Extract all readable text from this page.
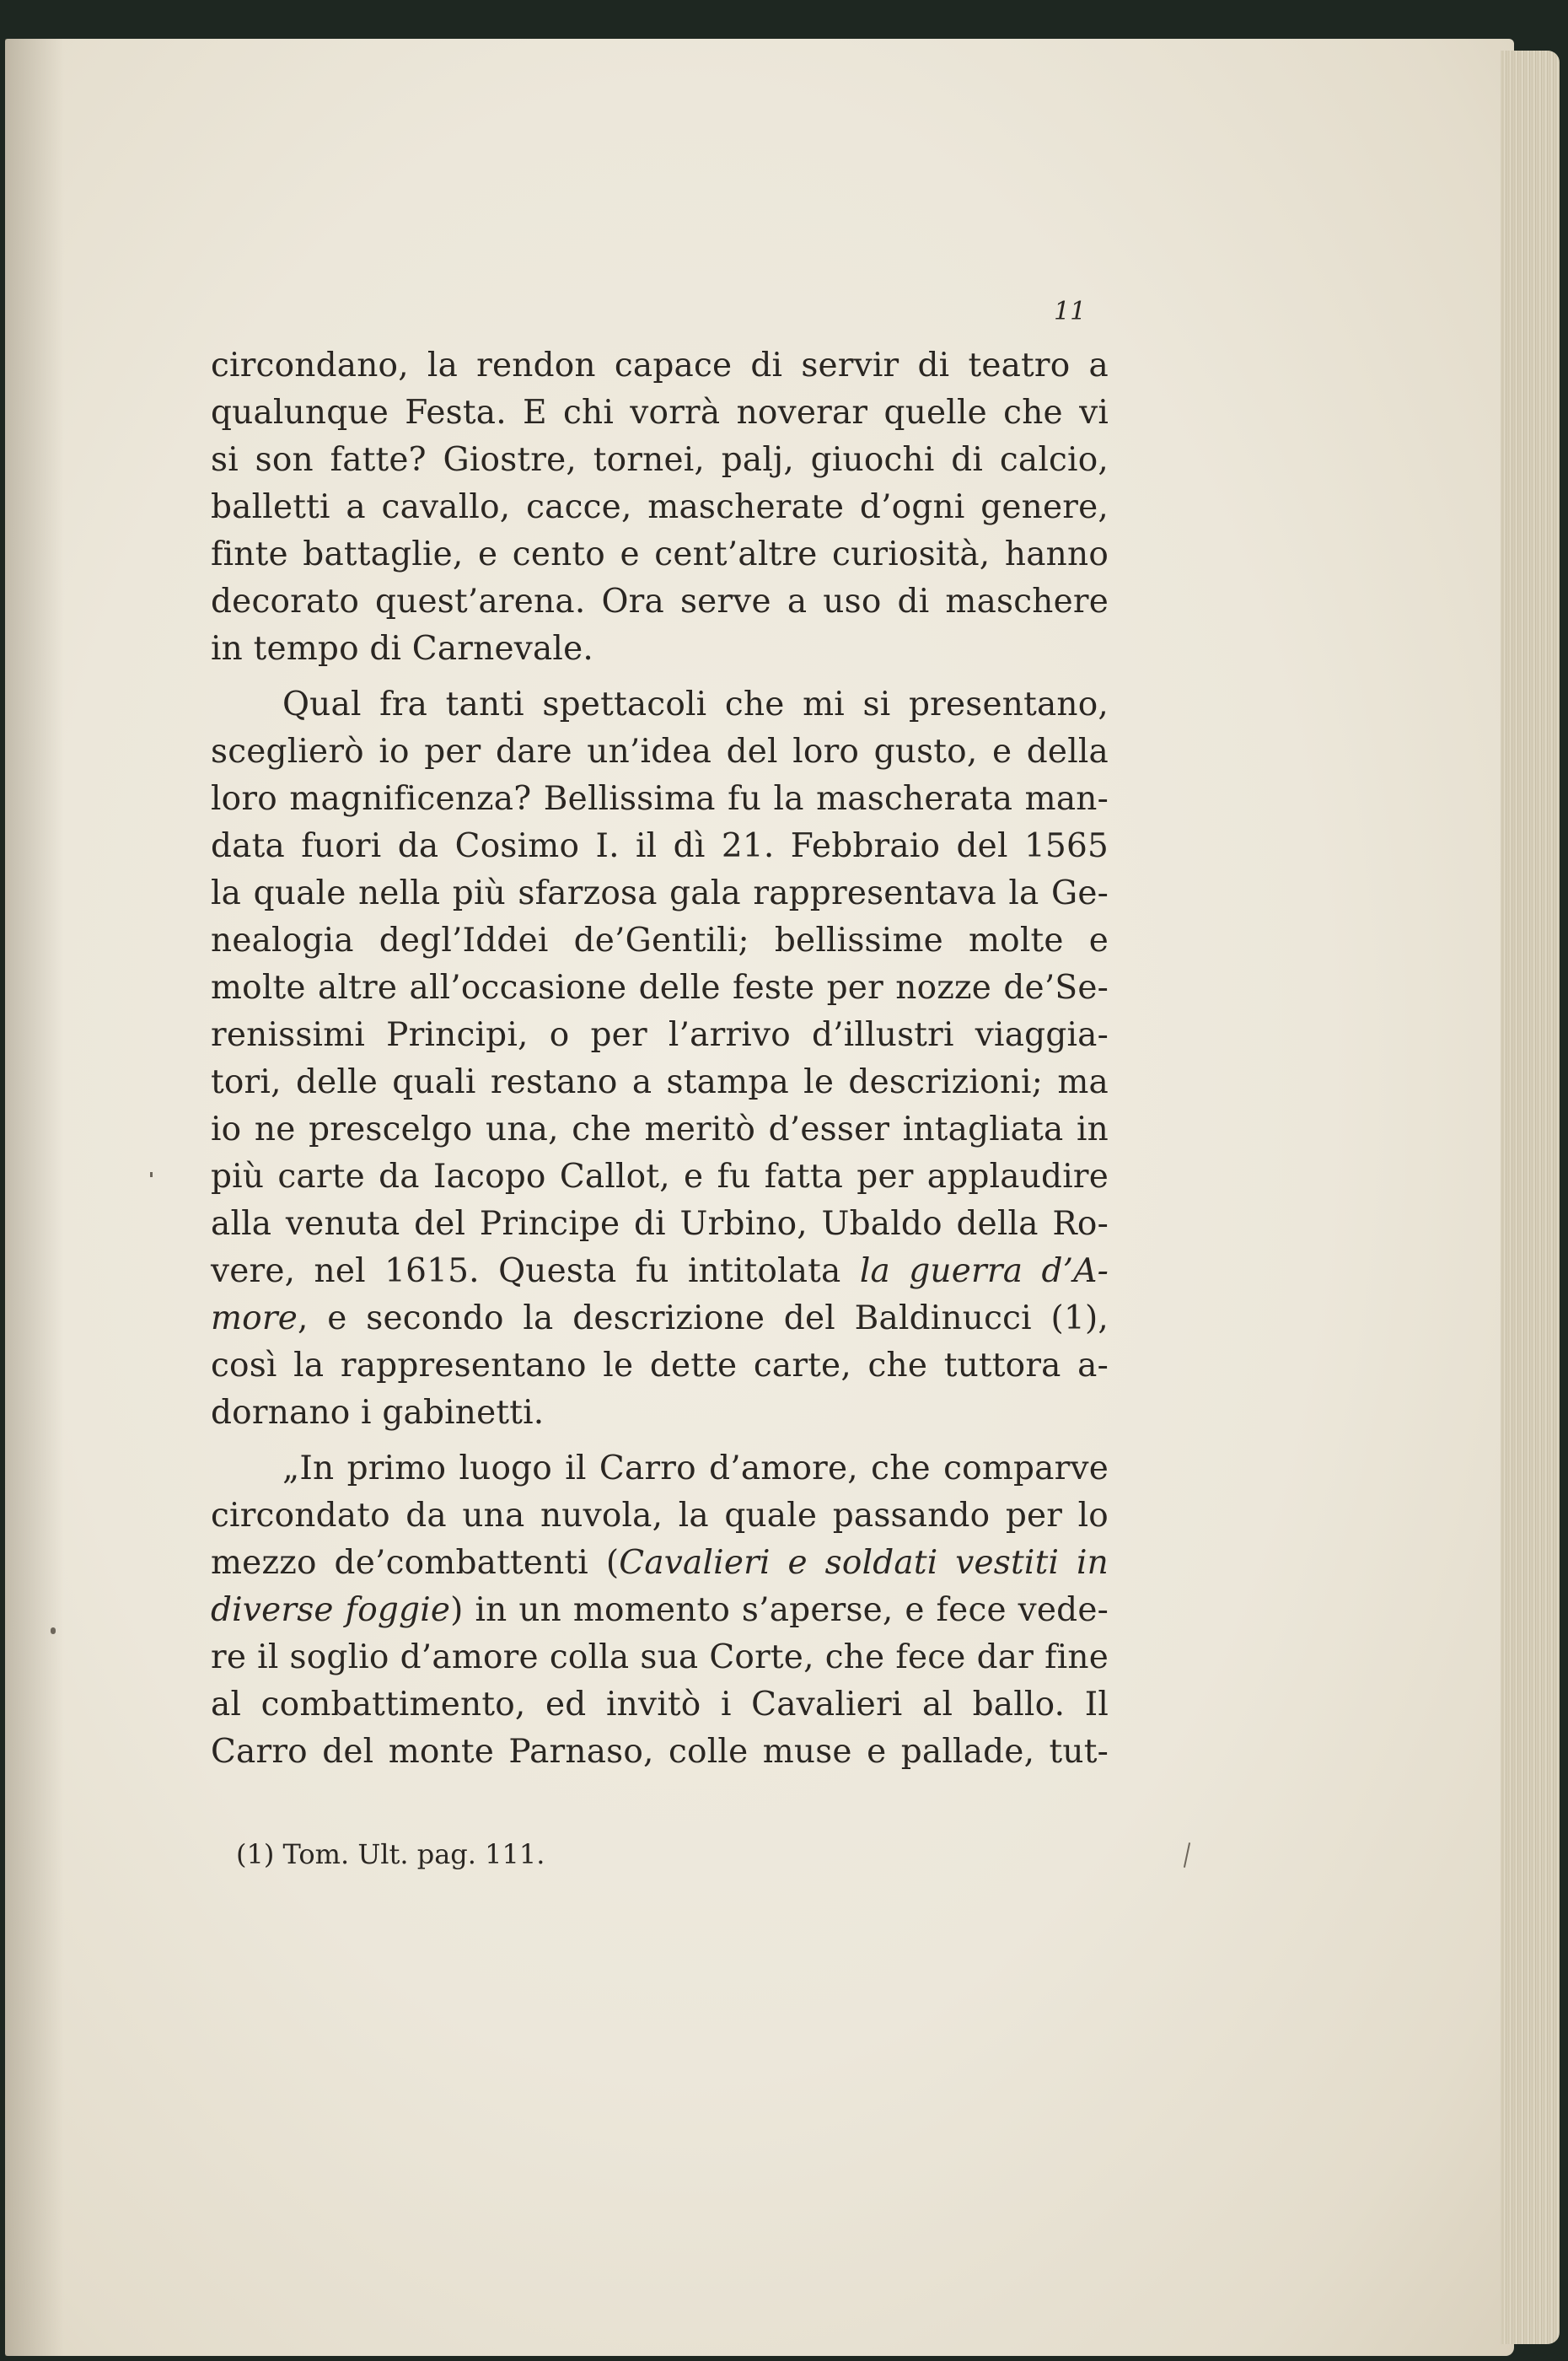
11
circondano, la rendon capace di servir di teatro a
qualunque Festa. E chi vorrà noverar quelle che vi
si son fatte? Giostre, tornei, palj, giuochi di calcio,
balletti a cavallo, cacce, mascherate d’ogni genere,
finte battaglie, e cento e cent’altre curiosità, hanno
decorato quest’arena. Ora serve a uso di maschere
in tempo di Carnevale.
Qual fra tanti spettacoli che mi si presentano,
sceglierò io per dare un’idea del loro gusto, e della
loro magnificenza? Bellissima fu la mascherata man-
data fuori da Cosimo I. il dì 21. Febbraio del 1565
la quale nella più sfarzosa gala rappresentava la Ge-
nealogia degl’Iddei de’Gentili; bellissime molte e
molte altre all’occasione delle feste per nozze de’Se-
renissimi Principi, o per l’arrivo d’illustri viaggia-
tori, delle quali restano a stampa le descrizioni; ma
io ne prescelgo una, che meritò d’esser intagliata in
più carte da Iacopo Callot, e fu fatta per applaudire
alla venuta del Principe di Urbino, Ubaldo della Ro-
vere, nel 1615. Questa fu intitolata la guerra d’A-
more, e secondo la descrizione del Baldinucci (1),
così la rappresentano le dette carte, che tuttora a-
dornano i gabinetti.
„In primo luogo il Carro d’amore, che comparve
circondato da una nuvola, la quale passando per lo
mezzo de’combattenti (Cavalieri e soldati vestiti in
diverse foggie) in un momento s’aperse, e fece vede-
re il soglio d’amore colla sua Corte, che fece dar fine
al combattimento, ed invitò i Cavalieri al ballo. Il
Carro del monte Parnaso, colle muse e pallade, tut-
(1) Tom. Ult. pag. 111.
